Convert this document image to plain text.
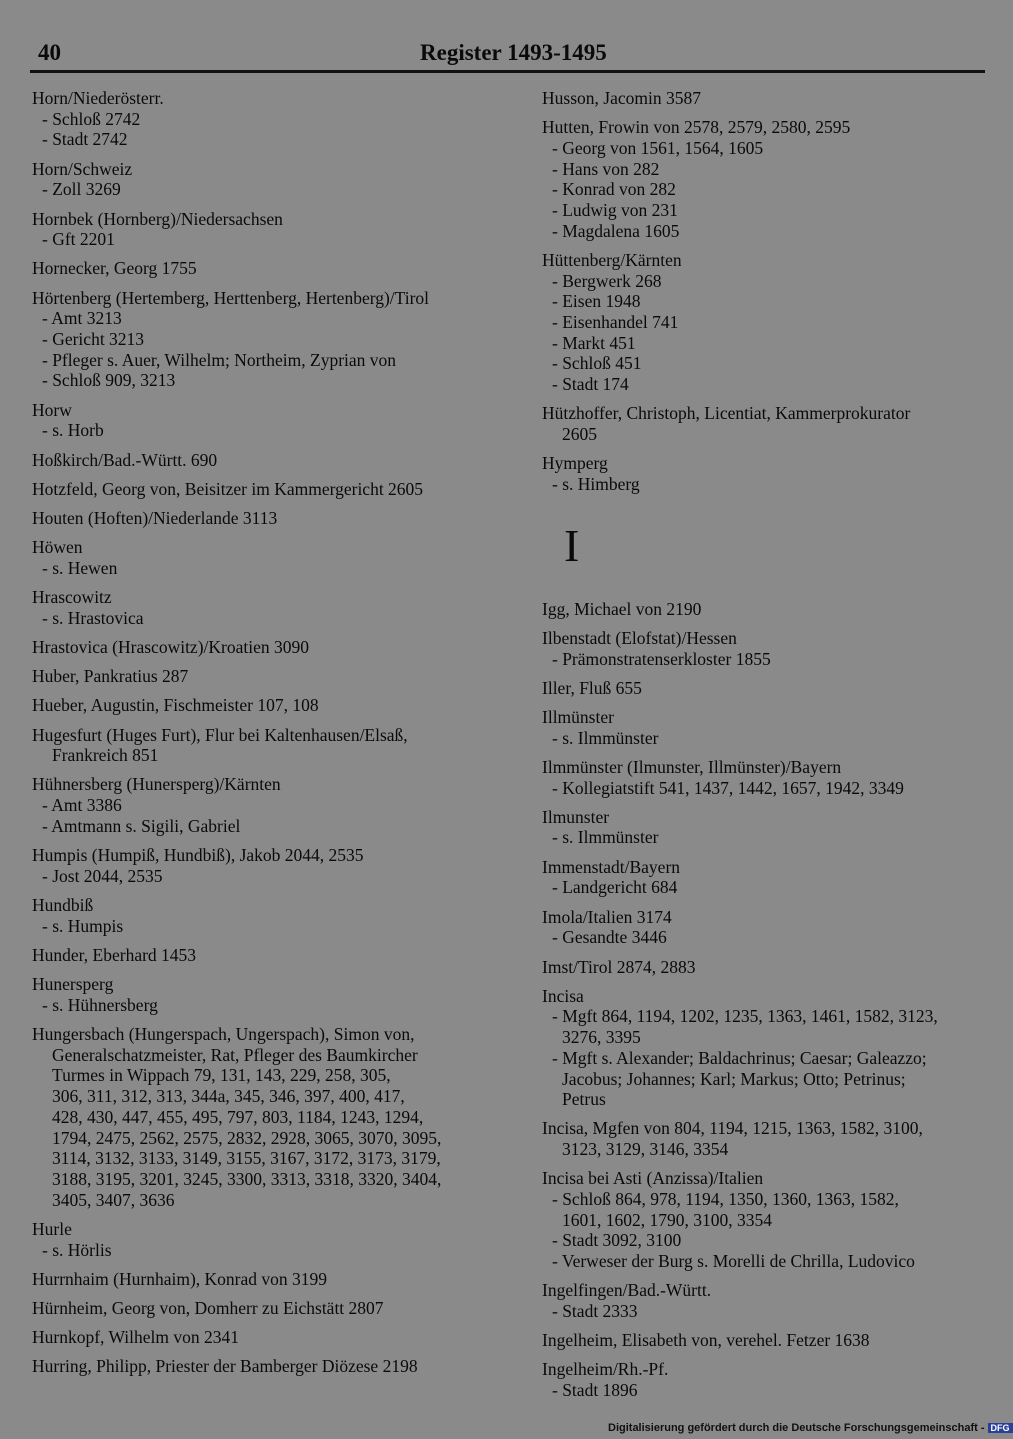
40	Register 1493-1495
Horn/Niederösterr.
- Schloß 2742
- Stadt 2742
Horn/Schweiz
- Zoll 3269
Hornbek (Hornberg)/Niedersachsen
- Gft 2201
Hornecker, Georg 1755
Hörtenberg (Hertemberg, Herttenberg, Hertenberg)/Tirol
- Amt 3213
- Gericht 3213
- Pfleger s. Auer, Wilhelm; Northeim, Zyprian von
- Schloß 909, 3213
Horw
- s. Horb
Hoßkirch/Bad.-Württ. 690
Hotzfeld, Georg von, Beisitzer im Kammergericht 2605
Houten (Hoften)/Niederlande 3113
Höwen
- s. Hewen
Hrascowitz
- s. Hrastovica
Hrastovica (Hrascowitz)/Kroatien 3090
Huber, Pankratius 287
Hueber, Augustin, Fischmeister 107, 108
Hugesfurt (Huges Furt), Flur bei Kaltenhausen/Elsaß,
Frankreich 851
Hühnersberg (Hunersperg)/Kärnten
- Amt 3386
- Amtmann s. Sigili, Gabriel
Humpis (Humpiß, Hundbiß), Jakob 2044, 2535
- Jost 2044, 2535
Hundbiß
- s. Humpis
Hunder, Eberhard 1453
Hunersperg
- s. Hühnersberg
Hungersbach (Hungerspach, Ungerspach), Simon von,
Generalschatzmeister, Rat, Pfleger des Baumkircher
Turmes in Wippach 79, 131, 143, 229, 258, 305,
306, 311, 312, 313, 344a, 345, 346, 397, 400, 417,
428, 430, 447, 455, 495, 797, 803, 1184, 1243, 1294,
1794, 2475, 2562, 2575, 2832, 2928, 3065, 3070, 3095,
3114, 3132, 3133, 3149, 3155, 3167, 3172, 3173, 3179,
3188, 3195, 3201, 3245, 3300, 3313, 3318, 3320, 3404,
3405, 3407, 3636
Hurle
- s. Hörlis
Hurrnhaim (Hurnhaim), Konrad von 3199
Hürnheim, Georg von, Domherr zu Eichstätt 2807
Hurnkopf, Wilhelm von 2341
Hurring, Philipp, Priester der Bamberger Diözese 2198
Husson, Jacomin 3587
Hutten, Frowin von 2578, 2579, 2580, 2595
- Georg von 1561, 1564, 1605
- Hans von 282
- Konrad von 282
- Ludwig von 231
- Magdalena 1605
Hüttenberg/Kärnten
- Bergwerk 268
- Eisen 1948
- Eisenhandel 741
- Markt 451
- Schloß 451
- Stadt 174
Hützhoffer, Christoph, Licentiat, Kammerprokurator
2605
Hymperg
- s. Himberg
I
Igg, Michael von 2190
Ilbenstadt (Elofstat)/Hessen
- Prämonstratenserkloster 1855
Iller, Fluß 655
Illmünster
- s. Ilmmünster
Ilmmünster (Ilmunster, Illmünster)/Bayern
- Kollegiatstift 541, 1437, 1442, 1657, 1942, 3349
Ilmunster
- s. Ilmmünster
Immenstadt/Bayern
- Landgericht 684
Imola/Italien 3174
- Gesandte 3446
Imst/Tirol 2874, 2883
Incisa
- Mgft 864, 1194, 1202, 1235, 1363, 1461, 1582, 3123,
3276, 3395
- Mgft s. Alexander; Baldachrinus; Caesar; Galeazzo;
Jacobus; Johannes; Karl; Markus; Otto; Petrinus;
Petrus
Incisa, Mgfen von 804, 1194, 1215, 1363, 1582, 3100,
3123, 3129, 3146, 3354
Incisa bei Asti (Anzissa)/Italien
- Schloß 864, 978, 1194, 1350, 1360, 1363, 1582,
1601, 1602, 1790, 3100, 3354
- Stadt 3092, 3100
- Verweser der Burg s. Morelli de Chrilla, Ludovico
Ingelfingen/Bad.-Württ.
- Stadt 2333
Ingelheim, Elisabeth von, verehel. Fetzer 1638
Ingelheim/Rh.-Pf.
- Stadt 1896
Digitalisierung gefördert durch die Deutsche Forschungsgemeinschaft - DFG
